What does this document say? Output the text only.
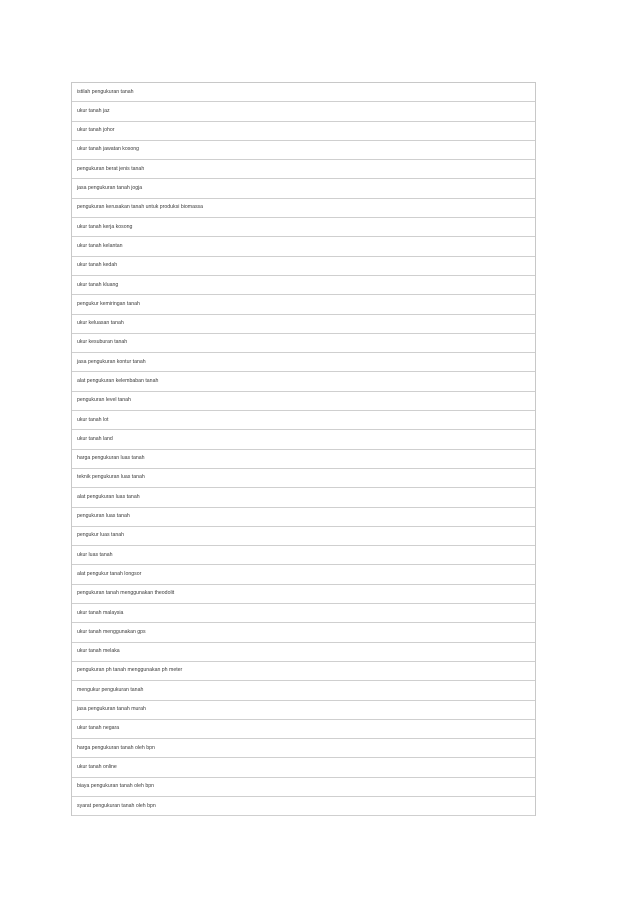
istilah pengukuran tanah
ukur tanah jaz
ukur tanah johor
ukur tanah jawatan kosong
pengukuran berat jenis tanah
jasa pengukuran tanah jogja
pengukuran kerusakan tanah untuk produksi biomassa
ukur tanah kerja kosong
ukur tanah kelantan
ukur tanah kedah
ukur tanah kluang
pengukur kemiringan tanah
ukur keluasan tanah
ukur kesuburan tanah
jasa pengukuran kontur tanah
alat pengukuran kelembaban tanah
pengukuran level tanah
ukur tanah lot
ukur tanah land
harga pengukuran luas tanah
teknik pengukuran luas tanah
alat pengukuran luas tanah
pengukuran luas tanah
pengukur luas tanah
ukur luas tanah
alat pengukur tanah longsor
pengukuran tanah menggunakan theodolit
ukur tanah malaysia
ukur tanah menggunakan gps
ukur tanah melaka
pengukuran ph tanah menggunakan ph meter
mengukur pengukuran tanah
jasa pengukuran tanah murah
ukur tanah negara
harga pengukuran tanah oleh bpn
ukur tanah online
biaya pengukuran tanah oleh bpn
syarat pengukuran tanah oleh bpn
